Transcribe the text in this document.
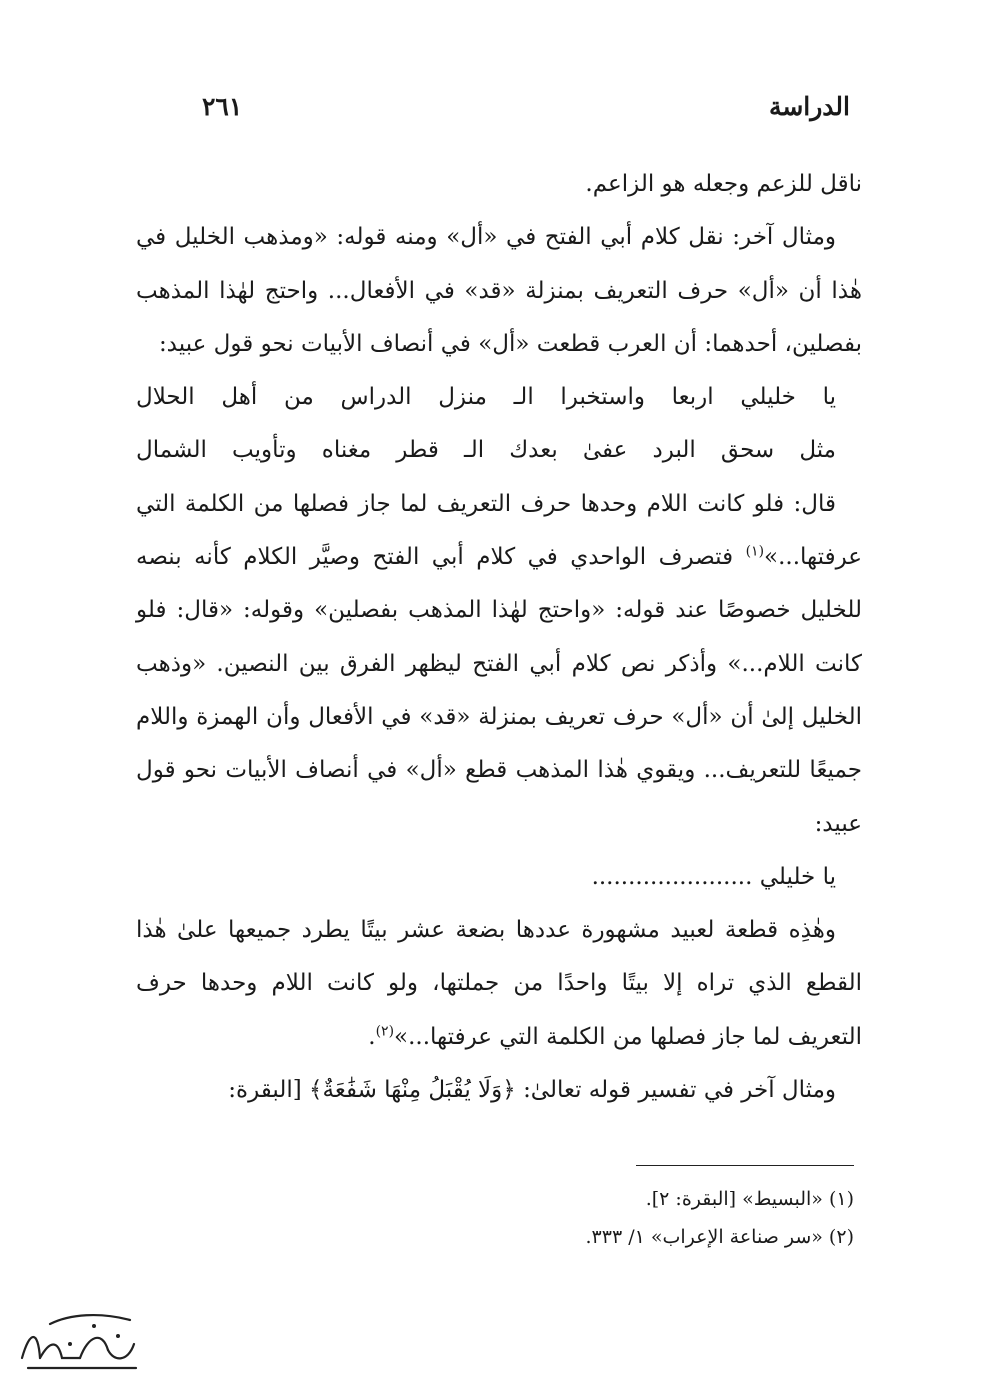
الدراسة
٢٦١

ناقل للزعم وجعله هو الزاعم.

ومثال آخر: نقل كلام أبي الفتح في «أل» ومنه قوله: «ومذهب الخليل في هٰذا أن «أل» حرف التعريف بمنزلة «قد» في الأفعال... واحتج لهٰذا المذهب بفصلين، أحدهما: أن العرب قطعت «أل» في أنصاف الأبيات نحو قول عبيد:

يا خليلي اربعا واستخبرا الـ منزل الدراس من أهل الحلال
مثل سحق البرد عفىٰ بعدك الـ قطر مغناه وتأويب الشمال

قال: فلو كانت اللام وحدها حرف التعريف لما جاز فصلها من الكلمة التي عرفتها...»$^{(١)}$ فتصرف الواحدي في كلام أبي الفتح وصيَّر الكلام كأنه بنصه للخليل خصوصًا عند قوله: «واحتج لهٰذا المذهب بفصلين» وقوله: «قال: فلو كانت اللام...» وأذكر نص كلام أبي الفتح ليظهر الفرق بين النصين. «وذهب الخليل إلىٰ أن «أل» حرف تعريف بمنزلة «قد» في الأفعال وأن الهمزة واللام جميعًا للتعريف... ويقوي هٰذا المذهب قطع «أل» في أنصاف الأبيات نحو قول عبيد:

يا خليلي ......................

وهٰذِه قطعة لعبيد مشهورة عددها بضعة عشر بيتًا يطرد جميعها علىٰ هٰذا القطع الذي تراه إلا بيتًا واحدًا من جملتها، ولو كانت اللام وحدها حرف التعريف لما جاز فصلها من الكلمة التي عرفتها...»$^{(٢)}$.

ومثال آخر في تفسير قوله تعالىٰ: ﴿وَلَا يُقْبَلُ مِنْهَا شَفَٰعَةٌ﴾ [البقرة:

(١) «البسيط» [البقرة: ٢].
(٢) «سر صناعة الإعراب» ١/ ٣٣٣.
